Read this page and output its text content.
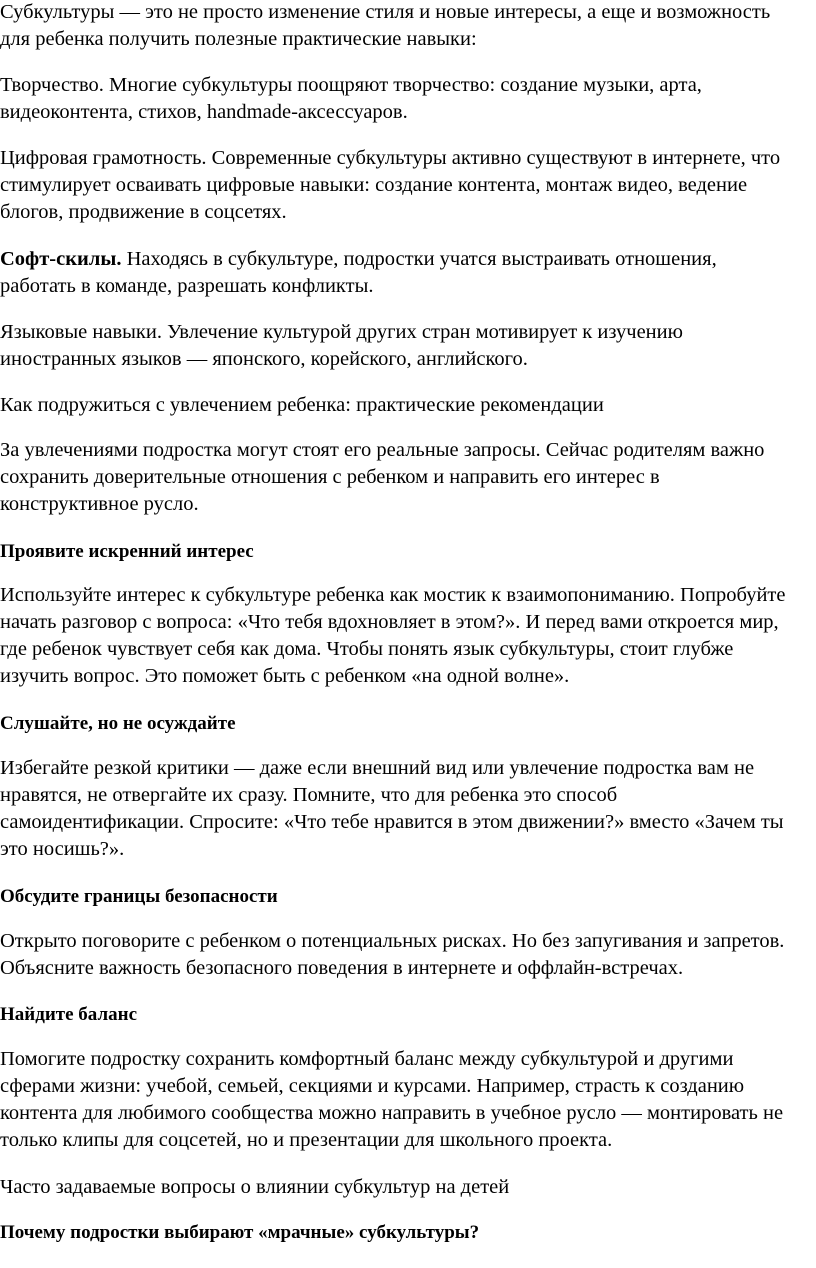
Субкультуры — это не просто изменение стиля и новые интересы, а еще и возможность
для ребенка получить полезные практические навыки:

Творчество. Многие субкультуры поощряют творчество: создание музыки, арта,
видеоконтента, стихов, handmade-аксессуаров.

Цифровая грамотность. Современные субкультуры активно существуют в интернете, что
стимулирует осваивать цифровые навыки: создание контента, монтаж видео, ведение
блогов, продвижение в соцсетях.

Софт-скилы. Находясь в субкультуре, подростки учатся выстраивать отношения,
работать в команде, разрешать конфликты.

Языковые навыки. Увлечение культурой других стран мотивирует к изучению
иностранных языков — японского, корейского, английского.

Как подружиться с увлечением ребенка: практические рекомендации

За увлечениями подростка могут стоят его реальные запросы. Сейчас родителям важно
сохранить доверительные отношения с ребенком и направить его интерес в
конструктивное русло.

Проявите искренний интерес

Используйте интерес к субкультуре ребенка как мостик к взаимопониманию. Попробуйте
начать разговор с вопроса: «Что тебя вдохновляет в этом?». И перед вами откроется мир,
где ребенок чувствует себя как дома. Чтобы понять язык субкультуры, стоит глубже
изучить вопрос. Это поможет быть с ребенком «на одной волне».

Слушайте, но не осуждайте

Избегайте резкой критики — даже если внешний вид или увлечение подростка вам не
нравятся, не отвергайте их сразу. Помните, что для ребенка это способ
самоидентификации. Спросите: «Что тебе нравится в этом движении?» вместо «Зачем ты
это носишь?».

Обсудите границы безопасности

Открыто поговорите с ребенком о потенциальных рисках. Но без запугивания и запретов.
Объясните важность безопасного поведения в интернете и оффлайн-встречах.

Найдите баланс

Помогите подростку сохранить комфортный баланс между субкультурой и другими
сферами жизни: учебой, семьей, секциями и курсами. Например, страсть к созданию
контента для любимого сообщества можно направить в учебное русло — монтировать не
только клипы для соцсетей, но и презентации для школьного проекта.

Часто задаваемые вопросы о влиянии субкультур на детей

Почему подростки выбирают «мрачные» субкультуры?
